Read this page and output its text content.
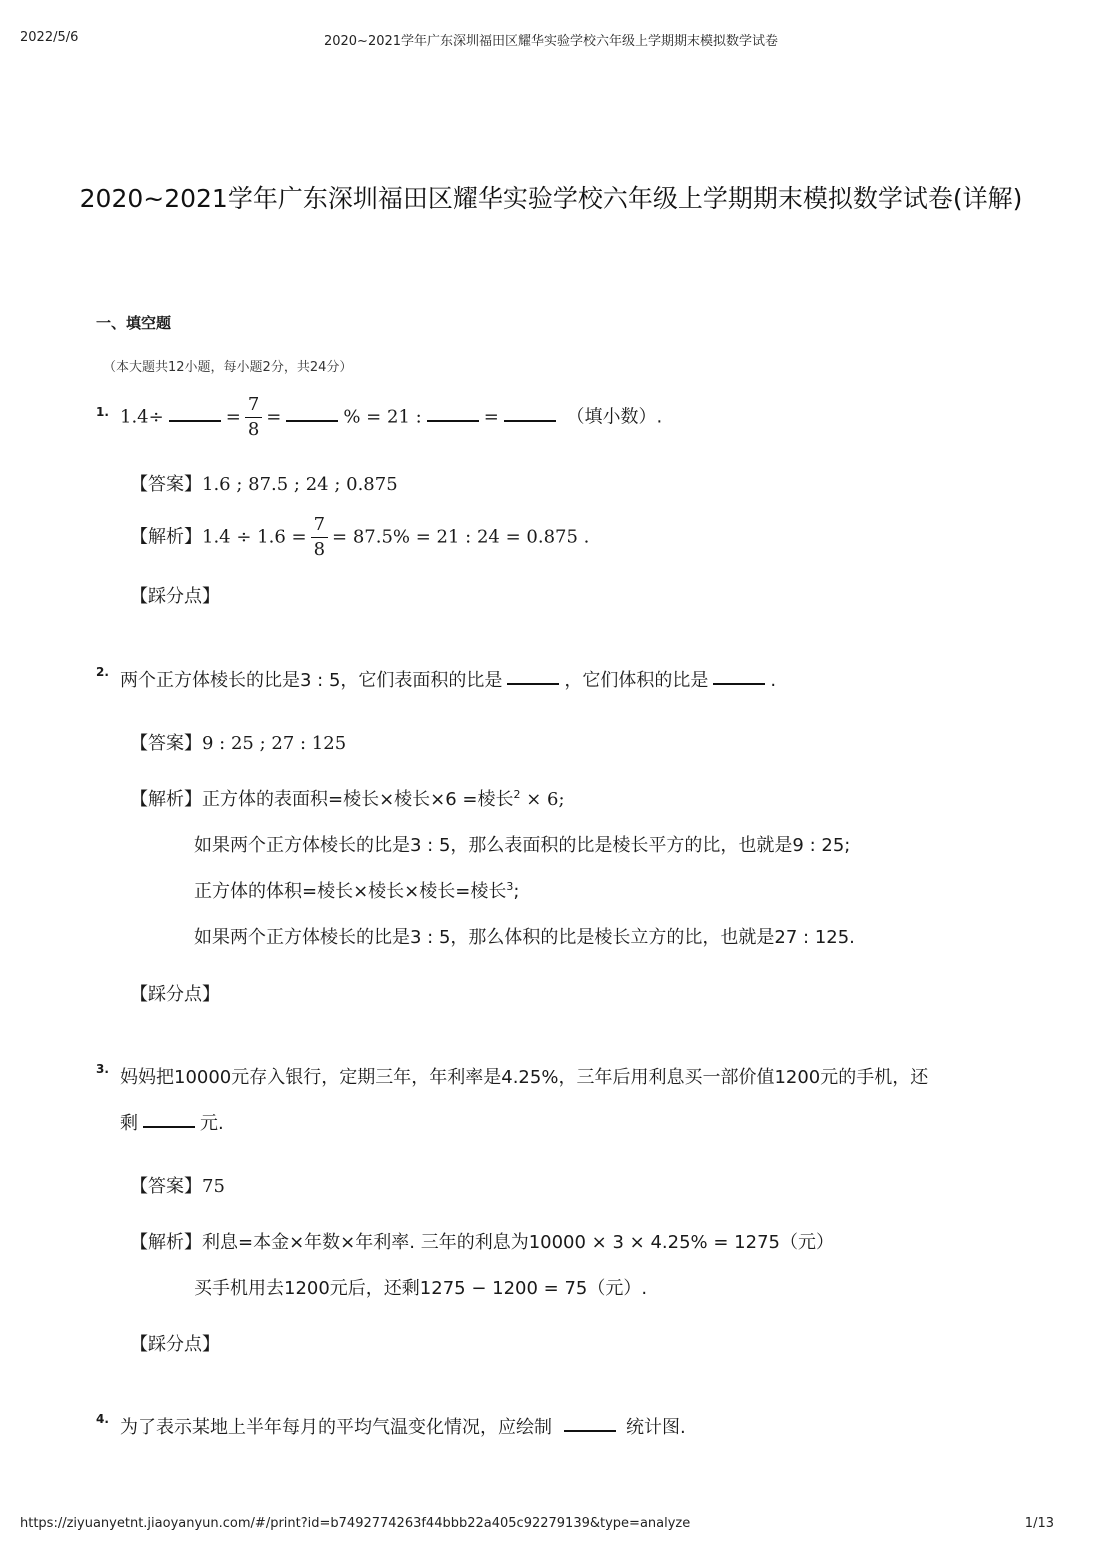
2022/5/6	2020~2021学年广东深圳福田区耀华实验学校六年级上学期期末模拟数学试卷
2020~2021学年广东深圳福田区耀华实验学校六年级上学期期末模拟数学试卷(详解)
一、填空题
（本大题共12小题，每小题2分，共24分）
1. 1.4÷	= $\frac{7}{8}$ =	% = 21 :	=	（填小数）.
【答案】1.6 ; 87.5 ; 24 ; 0.875
【解析】$1.4 \div 1.6 = \frac{7}{8} = 87.5\% = 21$ : 24 = 0.875 .
【踩分点】
2. 两个正方体棱长的比是3 : 5，它们表面积的比是	，它们体积的比是	.
【答案】9 : 25 ; 27 : 125
【解析】正方体的表面积=棱长×棱长×6 =棱长$^2$ × 6;
如果两个正方体棱长的比是3 : 5，那么表面积的比是棱长平方的比，也就是9 : 25;
正方体的体积=棱长×棱长×棱长=棱长$^3$;
如果两个正方体棱长的比是3 : 5，那么体积的比是棱长立方的比，也就是27 : 125.
【踩分点】
3. 妈妈把10000元存入银行，定期三年，年利率是4.25%，三年后用利息买一部价值1200元的手机，还
剩	元.
【答案】75
【解析】利息=本金×年数×年利率. 三年的利息为10000 × 3 × 4.25% = 1275（元）
买手机用去1200元后，还剩1275 − 1200 = 75（元）.
【踩分点】
4. 为了表示某地上半年每月的平均气温变化情况，应绘制	统计图.
https://ziyuanyetnt.jiaoyanyun.com/#/print?id=b7492774263f44bbb22a405c92279139&type=analyze	1/13
